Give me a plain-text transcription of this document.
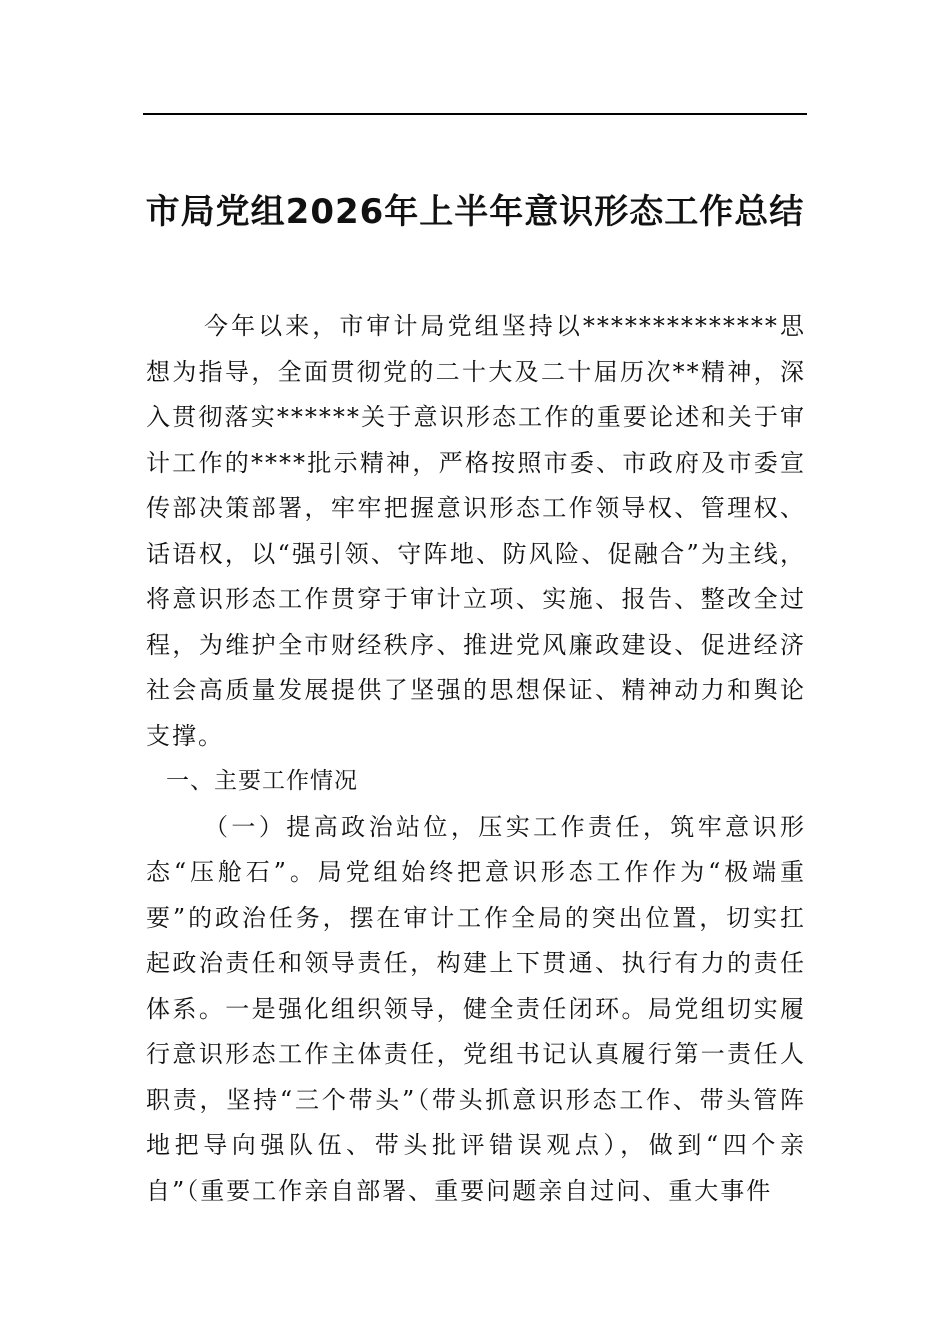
市局党组2026年上半年意识形态工作总结

今年以来，市审计局党组坚持以**************思想为指导，全面贯彻党的二十大及二十届历次**精神，深入贯彻落实******关于意识形态工作的重要论述和关于审计工作的****批示精神，严格按照市委、市政府及市委宣传部决策部署，牢牢把握意识形态工作领导权、管理权、话语权，以“强引领、守阵地、防风险、促融合”为主线，将意识形态工作贯穿于审计立项、实施、报告、整改全过程，为维护全市财经秩序、推进党风廉政建设、促进经济社会高质量发展提供了坚强的思想保证、精神动力和舆论支撑。

一、主要工作情况

（一）提高政治站位，压实工作责任，筑牢意识形态“压舱石”。局党组始终把意识形态工作作为“极端重要”的政治任务，摆在审计工作全局的突出位置，切实扛起政治责任和领导责任，构建上下贯通、执行有力的责任体系。一是强化组织领导，健全责任闭环。局党组切实履行意识形态工作主体责任，党组书记认真履行第一责任人职责，坚持“三个带头”（带头抓意识形态工作、带头管阵地把导向强队伍、带头批评错误观点），做到“四个亲自”（重要工作亲自部署、重要问题亲自过问、重大事件
